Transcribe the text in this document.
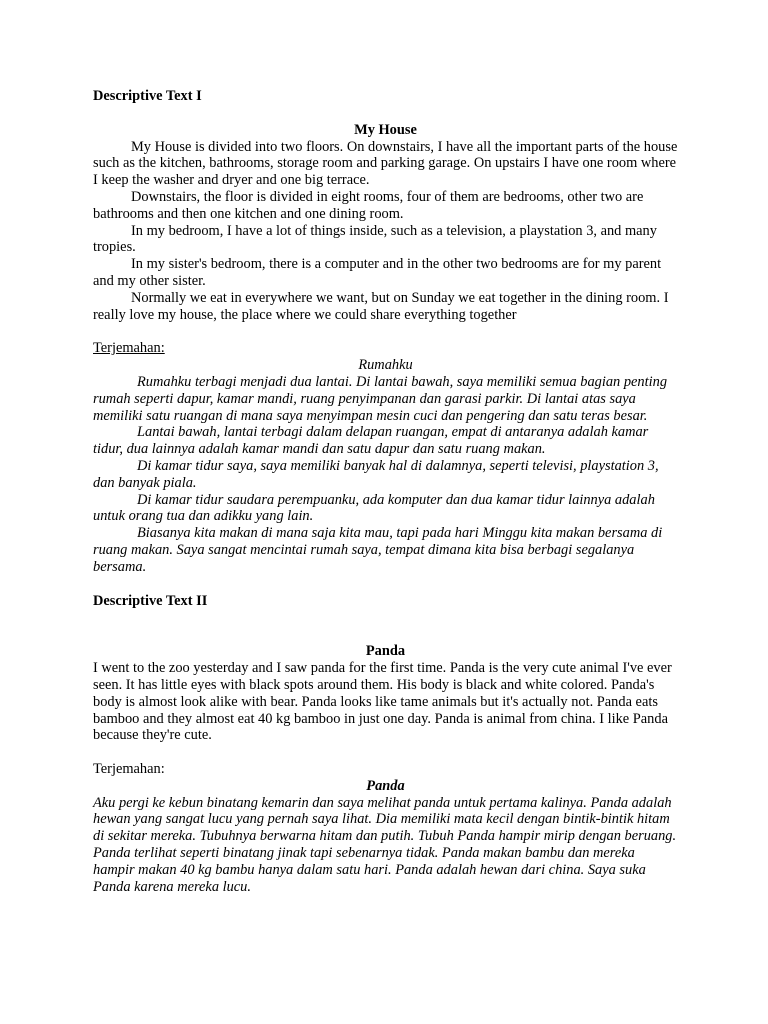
Descriptive Text I

My House

My House is divided into two floors. On downstairs, I have all the important parts of the house such as the kitchen, bathrooms, storage room and parking garage. On upstairs I have one room where I keep the washer and dryer and one big terrace.

Downstairs, the floor is divided in eight rooms, four of them are bedrooms, other two are bathrooms and then one kitchen and one dining room.

In my bedroom, I have a lot of things inside, such as a television, a playstation 3, and many tropies.

In my sister's bedroom, there is a computer and in the other two bedrooms are for my parent and my other sister.

Normally we eat in everywhere we want, but on Sunday we eat together in the dining room. I really love my house, the place where we could share everything together

Terjemahan:

Rumahku

Rumahku terbagi menjadi dua lantai. Di lantai bawah, saya memiliki semua bagian penting rumah seperti dapur, kamar mandi, ruang penyimpanan dan garasi parkir. Di lantai atas saya memiliki satu ruangan di mana saya menyimpan mesin cuci dan pengering dan satu teras besar.

Lantai bawah, lantai terbagi dalam delapan ruangan, empat di antaranya adalah kamar tidur, dua lainnya adalah kamar mandi dan satu dapur dan satu ruang makan.

Di kamar tidur saya, saya memiliki banyak hal di dalamnya, seperti televisi, playstation 3, dan banyak piala.

Di kamar tidur saudara perempuanku, ada komputer dan dua kamar tidur lainnya adalah untuk orang tua dan adikku yang lain.

Biasanya kita makan di mana saja kita mau, tapi pada hari Minggu kita makan bersama di ruang makan. Saya sangat mencintai rumah saya, tempat dimana kita bisa berbagi segalanya bersama.

Descriptive Text II

Panda

I went to the zoo yesterday and I saw panda for the first time. Panda is the very cute animal I've ever seen. It has little eyes with black spots around them. His body is black and white colored. Panda's body is almost look alike with bear. Panda looks like tame animals but it's actually not. Panda eats bamboo and they almost eat 40 kg bamboo in just one day. Panda is animal from china. I like Panda because they're cute.

Terjemahan:

Panda

Aku pergi ke kebun binatang kemarin dan saya melihat panda untuk pertama kalinya. Panda adalah hewan yang sangat lucu yang pernah saya lihat. Dia memiliki mata kecil dengan bintik-bintik hitam di sekitar mereka. Tubuhnya berwarna hitam dan putih. Tubuh Panda hampir mirip dengan beruang. Panda terlihat seperti binatang jinak tapi sebenarnya tidak. Panda makan bambu dan mereka hampir makan 40 kg bambu hanya dalam satu hari. Panda adalah hewan dari china. Saya suka Panda karena mereka lucu.
